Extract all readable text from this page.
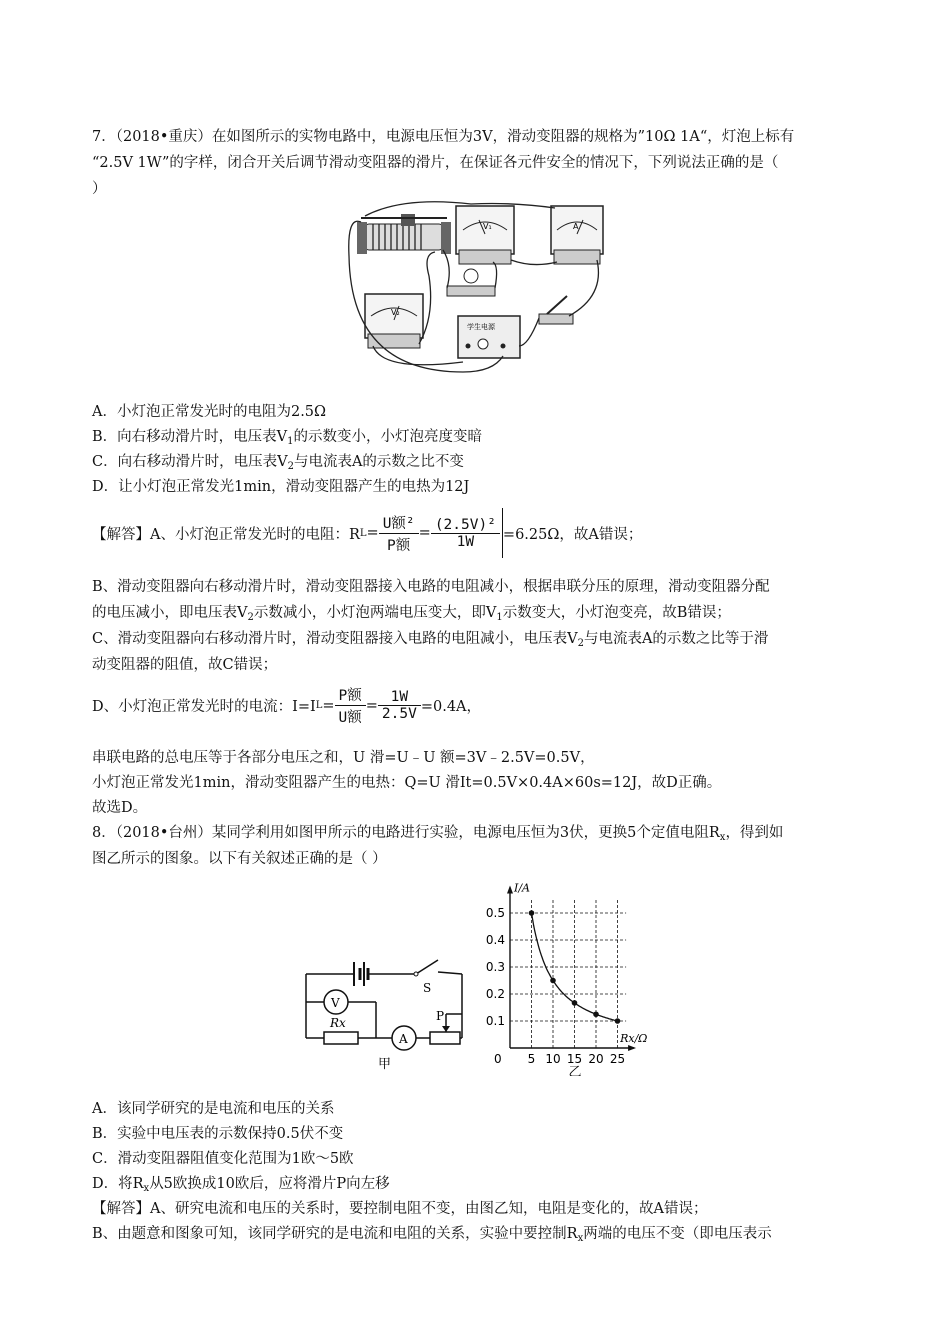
7．（2018•重庆）在如图所示的实物电路中，电源电压恒为3V，滑动变阻器的规格为”10Ω 1A“，灯泡上标有
“2.5V 1W”的字样，闭合开关后调节滑动变阻器的滑片，在保证各元件安全的情况下，下列说法正确的是（
）
V₁	A
V₂
学生电源
A．小灯泡正常发光时的电阻为2.5Ω
B．向右移动滑片时，电压表$V_1$的示数变小，小灯泡亮度变暗
C．向右移动滑片时，电压表$V_2$与电流表A的示数之比不变
D．让小灯泡正常发光1min，滑动变阻器产生的电热为12J
【解答】A、小灯泡正常发光时的电阻：R $L = \frac{\text{U额²}}{\text{P额}} = \frac{\text{(2.5V)²}}{1W} =6.25\Omega$，故A错误；
B、滑动变阻器向右移动滑片时，滑动变阻器接入电路的电阻减小，根据串联分压的原理，滑动变阻器分配
的电压减小，即电压表$V_2$示数减小，小灯泡两端电压变大，即$V_1$示数变大，小灯泡变亮，故B错误；
C、滑动变阻器向右移动滑片时，滑动变阻器接入电路的电阻减小，电压表$V_2$与电流表A的示数之比等于滑
动变阻器的阻值，故C错误；
D、小灯泡正常发光时的电流：I=I $L = \frac{\text{P额}}{\text{U额}} = \frac{1W}{2.5V} =0.4A$，
串联电路的总电压等于各部分电压之和，U 滑=U﹣U 额=3V﹣2.5V=0.5V，
小灯泡正常发光1min，滑动变阻器产生的电热：Q=U 滑It=0.5V×0.4A×60s=12J，故D正确。
故选D。
8．（2018•台州）某同学利用如图甲所示的电路进行实验，电源电压恒为3伏，更换5个定值电阻$R_x$，得到如
图乙所示的图象。以下有关叙述正确的是（ ）
S
V
Rx
A
P
甲	5 10 15 20 25
0.1
0.2
0.3
0.4
0.5
I/A
Rx/Ω
0
乙
A．该同学研究的是电流和电压的关系
B．实验中电压表的示数保持0.5伏不变
C．滑动变阻器阻值变化范围为1欧～5欧
D．将$R_x$从5欧换成10欧后，应将滑片P向左移
【解答】A、研究电流和电压的关系时，要控制电阻不变，由图乙知，电阻是变化的，故A错误；
B、由题意和图象可知，该同学研究的是电流和电阻的关系，实验中要控制$R_x$两端的电压不变（即电压表示
